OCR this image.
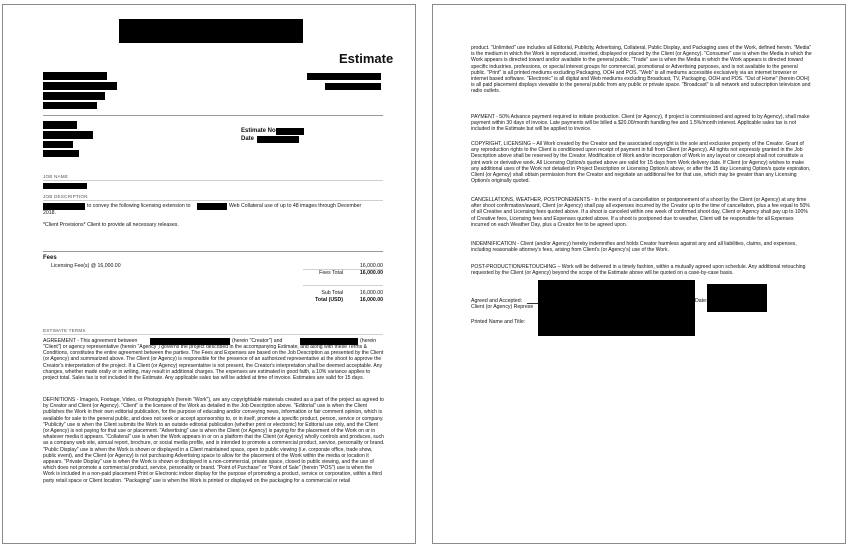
Estimate
Estimate No
Date
JOB NAME
JOB DESCRIPTION
to convey the following licensing extension to	Web Collateral use of up to 48 images through December
2018.
*Client Provisions* Client to provide all necessary releases.
Fees
Licensing Fee(s) @ 16,000.00	16,000.00
Fees Total	16,000.00
Sub Total	16,000.00
Total (USD)	16,000.00
ESTIMATE TERMS
AGREEMENT - This agreement between	(herein "Creator") and	(herein
"Client") or agency representative (herein "Agency") governs the project described in the accompanying Estimate, and along with these Terms & Conditions, constitutes the entire agreement between the parties. The Fees and Expenses are based on the Job Description as presented by the Client (or Agency) and summarized above. The Client (or Agency) is responsible for the presence of an authorized representative at the shoot to approve the Creator's interpretation of the project. If a Client (or Agency) representative is not present, the Creator's interpretation shall be deemed acceptable. Any changes, whether made orally or in writing, may result in additional charges. The expenses are estimated in good faith, a 10% variance applies to project total. Sales tax is not included in the Estimate. Any applicable sales tax will be added at time of invoice. Estimates are valid for 15 days.
DEFINITIONS - Image/s, Footage, Video, or Photograph/s (herein "Work"), are any copyrightable materials created as a part of the project as agreed to by Creator and Client (or Agency). "Client" is the licensee of the Work as detailed in the Job Description above. "Editorial" use is when the Client publishes the Work in their own editorial publication, for the purpose of educating and/or conveying news, information or fair comment opinion, which is available for sale to the general public, and does not seek or accept sponsorship to, or in itself, promote a specific product, person, service or company. "Publicity" use is when the Client submits the Work to an outside editorial publication (whether print or electronic) for Editorial use only, and the Client (or Agency) is not paying for that use or placement. "Advertising" use is when the Client (or Agency) is paying for the placement of the Work on or in whatever media it appears. "Collateral" use is when the Work appears in or on a platform that the Client (or Agency) wholly controls and produces, such as a company web site, annual report, brochure, or social media profile, and is intended to promote a commercial product, service, personality or brand. "Public Display" use is when the Work is shown or displayed in a Client maintained space, open to public viewing (i.e. corporate office, trade show, public event), and the Client (or Agency) is not purchasing Advertising space to allow for the placement of the Work within the media or location it appears. "Private Display" use is when the Work is shown or displayed in a non-commercial, private space, closed to public viewing, and the use of which does not promote a commercial product, service, personality or brand. "Point of Purchase" or "Point of Sale" (herein "POS") use is when the Work is included in a non-paid placement Print or Electronic indoor display for the purpose of promoting a product, service or corporation, within a third party retail space or Client location. "Packaging" use is when the Work is printed or displayed on the packaging for a commercial or retail
product. "Unlimited" use includes all Editorial, Publicity, Advertising, Collateral, Public Display, and Packaging uses of the Work, defined herein. "Media" is the medium in which the Work is reproduced, inserted, displayed or placed by the Client (or Agency). "Consumer" use is when the Media in which the Work appears is directed toward and/or available to the general public. "Trade" use is when the Media in which the Work appears is directed toward specific industries, professions, or special interest groups for commercial, promotional or Advertising purposes, and is not available to the general public. "Print" is all printed mediums excluding Packaging, OOH and POS. "Web" is all mediums accessible exclusively via an internet browser or internet based software. "Electronic" is all digital and Web mediums excluding Broadcast, TV, Packaging, OOH and POS. "Out of Home" (herein OOH) is all paid placement displays viewable to the general public from any public or private space. "Broadcast" is all network and subscription television and radio outlets.
PAYMENT - 50% Advance payment required to initiate production. Client (or Agency), if project is commissioned and agreed to by Agency), shall make payment within 30 days of invoice. Late payments will be billed a $20.00/month handling fee and 1.5%/month interest. Applicable sales tax is not included in the Estimate but will be applied to invoice.
COPYRIGHT, LICENSING – All Work created by the Creator and the associated copyright is the sole and exclusive property of the Creator. Grant of any reproduction rights to the Client is conditioned upon receipt of payment in full from Client (or Agency). All rights not expressly granted in the Job Description above shall be reserved by the Creator. Modification of Work and/or incorporation of Work in any layout or concept shall not constitute a joint work or derivative work. All Licensing Option/s quoted above are valid for 15 days from Work delivery date. If Client (or Agency) wishes to make any additional uses of the Work not detailed in Project Description or Licensing Option/s above, or after the 15 day Licensing Option/s quote expiration, Client (or Agency) shall obtain permission from the Creator and negotiate an additional fee for that use, which may be greater than any Licensing Option/s originally quoted.
CANCELLATIONS, WEATHER, POSTPONEMENTS - In the event of a cancellation or postponement of a shoot by the Client (or Agency) at any time after shoot confirmation/award, Client (or Agency) shall pay all expenses incurred by the Creator up to the time of cancellation, plus a fee equal to 50% of all Creative and Licensing fees quoted above. If a shoot is canceled within one week of confirmed shoot day, Client or Agency shall pay up to 100% of Creative fees, Licensing fees and Expenses quoted above. If a shoot is postponed due to weather, Client will be responsible for all Expenses incurred on each Weather Day, plus a Creator fee to be agreed upon.
INDEMNIFICATION - Client (and/or Agency) hereby indemnifies and holds Creator harmless against any and all liabilities, claims, and expenses, including reasonable attorney's fees, arising from Client's (or Agency's) use of the Work.
POST-PRODUCTION/RETOUCHING – Work will be delivered in a timely fashion, within a mutually agreed upon schedule. Any additional retouching requested by the Client (or Agency) beyond the scope of the Estimate above will be quoted on a case-by-case basis.
Agreed and Accepted:
Client (or Agency) Represe
Date:
Printed Name and Title:
